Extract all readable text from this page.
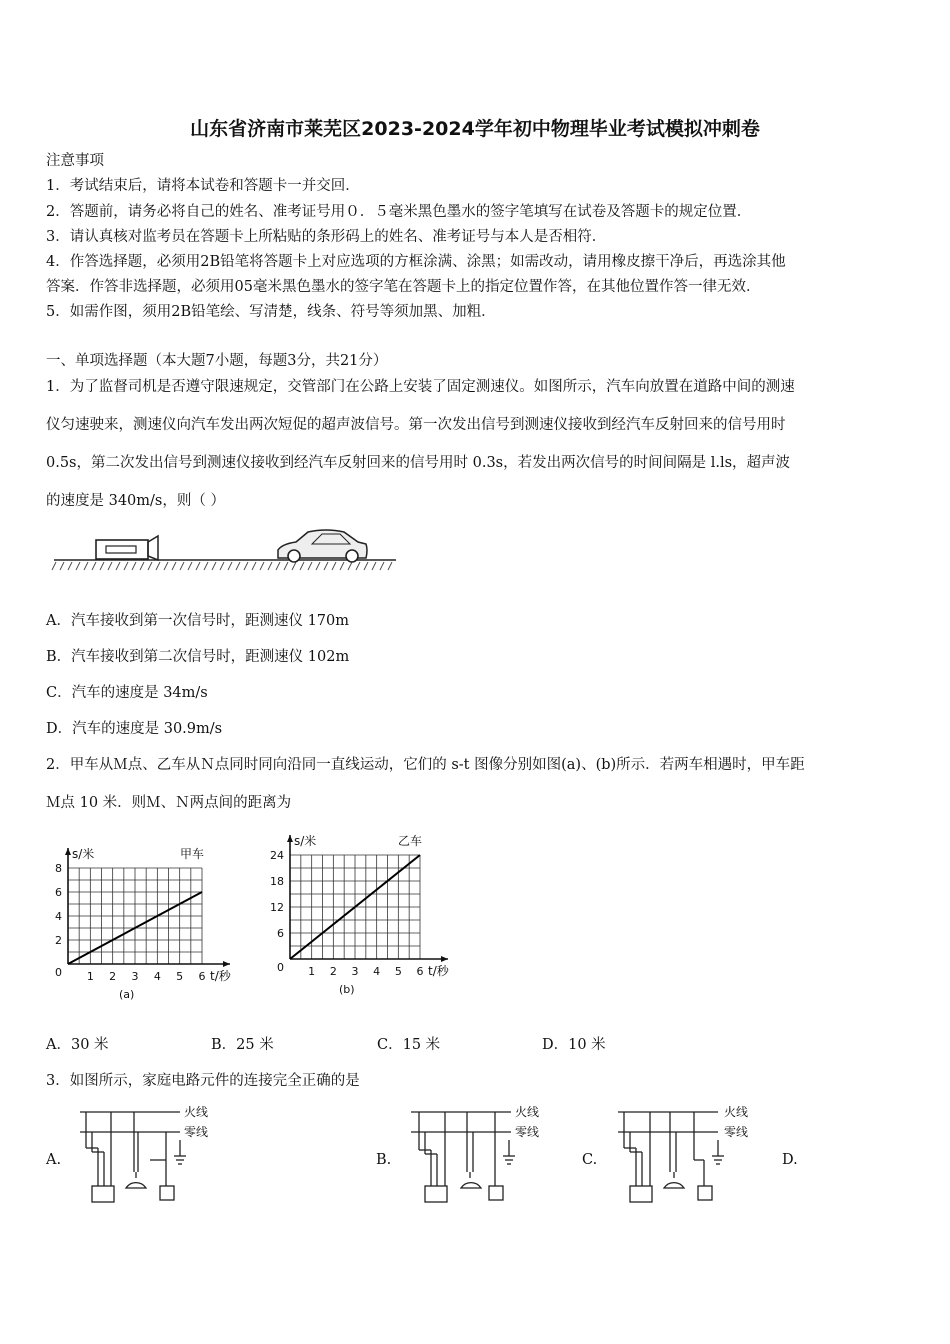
山东省济南市莱芜区2023-2024学年初中物理毕业考试模拟冲刺卷
注意事项
1．考试结束后，请将本试卷和答题卡一并交回．
2．答题前，请务必将自己的姓名、准考证号用０．５毫米黑色墨水的签字笔填写在试卷及答题卡的规定位置．
3．请认真核对监考员在答题卡上所粘贴的条形码上的姓名、准考证号与本人是否相符．
4．作答选择题，必须用2B铅笔将答题卡上对应选项的方框涂满、涂黑；如需改动，请用橡皮擦干净后，再选涂其他
答案．作答非选择题，必须用05毫米黑色墨水的签字笔在答题卡上的指定位置作答，在其他位置作答一律无效．
5．如需作图，须用2B铅笔绘、写清楚，线条、符号等须加黑、加粗．
一、单项选择题（本大题7小题，每题3分，共21分）
1．为了监督司机是否遵守限速规定，交管部门在公路上安装了固定测速仪。如图所示，汽车向放置在道路中间的测速
仪匀速驶来，测速仪向汽车发出两次短促的超声波信号。第一次发出信号到测速仪接收到经汽车反射回来的信号用时
0.5s，第二次发出信号到测速仪接收到经汽车反射回来的信号用时 0.3s，若发出两次信号的时间间隔是 l.ls，超声波
的速度是 340m/s，则（ ）
A．汽车接收到第一次信号时，距测速仪 170m
B．汽车接收到第二次信号时，距测速仪 102m
C．汽车的速度是 34m/s
D．汽车的速度是 30.9m/s
2．甲车从Ｍ点、乙车从Ｎ点同时同向沿同一直线运动，它们的 s-t 图像分别如图(a)、(b)所示．若两车相遇时，甲车距
Ｍ点 10 米．则Ｍ、Ｎ两点间的距离为
1 2 3 4 5 6
2
4
6
8
0
s/米
t/秒
甲车
(a)
1 2 3 4 5 6
6
12
18
24
0
s/米
t/秒
乙车
(b)
A．30 米	B．25 米	C．15 米	D．10 米
3．如图所示，家庭电路元件的连接完全正确的是
A.	B.	C.	D.
火线
零线
火线
零线
火线
零线
